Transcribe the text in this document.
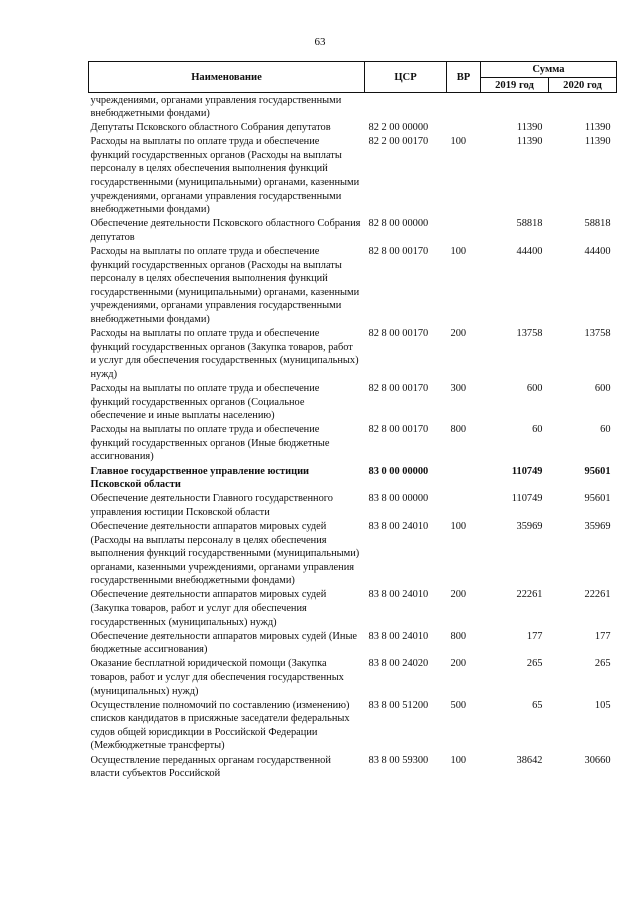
63
Наименование	ЦСР	ВР	Сумма	
			2019 год	2020 год
учреждениями, органами управления государственными внебюджетными фондами)				
Депутаты Псковского областного Собрания депутатов	82 2 00 00000		11390	11390
Расходы на выплаты по оплате труда и обеспечение функций государственных органов (Расходы на выплаты персоналу в целях обеспечения выполнения функций государственными (муниципальными) органами, казенными учреждениями, органами управления государственными внебюджетными фондами)	82 2 00 00170	100	11390	11390
Обеспечение деятельности Псковского областного Собрания депутатов	82 8 00 00000		58818	58818
Расходы на выплаты по оплате труда и обеспечение функций государственных органов (Расходы на выплаты персоналу в целях обеспечения выполнения функций государственными (муниципальными) органами, казенными учреждениями, органами управления государственными внебюджетными фондами)	82 8 00 00170	100	44400	44400
Расходы на выплаты по оплате труда и обеспечение функций государственных органов (Закупка товаров, работ и услуг для обеспечения государственных (муниципальных) нужд)	82 8 00 00170	200	13758	13758
Расходы на выплаты по оплате труда и обеспечение функций государственных органов (Социальное обеспечение и иные выплаты населению)	82 8 00 00170	300	600	600
Расходы на выплаты по оплате труда и обеспечение функций государственных органов (Иные бюджетные ассигнования)	82 8 00 00170	800	60	60
Главное государственное управление юстиции Псковской области	83 0 00 00000		110749	95601
Обеспечение деятельности Главного государственного управления юстиции Псковской области	83 8 00 00000		110749	95601
Обеспечение деятельности аппаратов мировых судей (Расходы на выплаты персоналу в целях обеспечения выполнения функций государственными (муниципальными) органами, казенными учреждениями, органами управления государственными внебюджетными фондами)	83 8 00 24010	100	35969	35969
Обеспечение деятельности аппаратов мировых судей (Закупка товаров, работ и услуг для обеспечения государственных (муниципальных) нужд)	83 8 00 24010	200	22261	22261
Обеспечение деятельности аппаратов мировых судей (Иные бюджетные ассигнования)	83 8 00 24010	800	177	177
Оказание бесплатной юридической помощи (Закупка товаров, работ и услуг для обеспечения государственных (муниципальных) нужд)	83 8 00 24020	200	265	265
Осуществление полномочий по составлению (изменению) списков кандидатов в присяжные заседатели федеральных судов общей юрисдикции в Российской Федерации (Межбюджетные трансферты)	83 8 00 51200	500	65	105
Осуществление переданных органам государственной власти субъектов Российской	83 8 00 59300	100	38642	30660
